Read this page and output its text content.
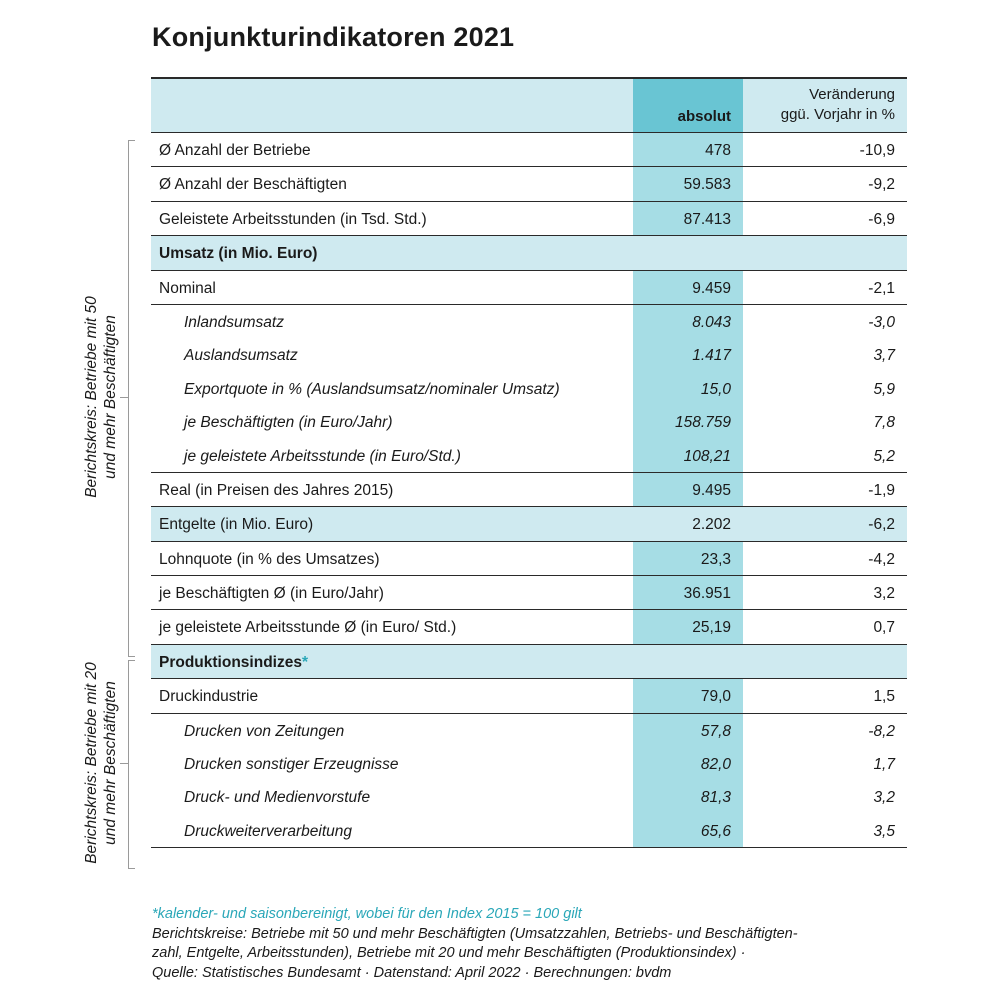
Konjunkturindikatoren 2021
absolut
Veränderung
ggü. Vorjahr in %
Ø Anzahl der Betriebe	478	-10,9
Ø Anzahl der Beschäftigten	59.583	-9,2
Geleistete Arbeitsstunden (in Tsd. Std.)	87.413	-6,9
Umsatz (in Mio. Euro)
Nominal	9.459	-2,1
Inlandsumsatz	8.043	-3,0
Auslandsumsatz	1.417	3,7
Exportquote in % (Auslandsumsatz/nominaler Umsatz)	15,0	5,9
je Beschäftigten (in Euro/Jahr)	158.759	7,8
je geleistete Arbeitsstunde (in Euro/Std.)	108,21	5,2
Real (in Preisen des Jahres 2015)	9.495	-1,9
Entgelte (in Mio. Euro)	2.202	-6,2
Lohnquote (in % des Umsatzes)	23,3	-4,2
je Beschäftigten Ø (in Euro/Jahr)	36.951	3,2
je geleistete Arbeitsstunde Ø (in Euro/ Std.)	25,19	0,7
Produktionsindizes*
Druckindustrie	79,0	1,5
Drucken von Zeitungen	57,8	-8,2
Drucken sonstiger Erzeugnisse	82,0	1,7
Druck- und Medienvorstufe	81,3	3,2
Druckweiterverarbeitung	65,6	3,5
Berichtskreis: Betriebe mit 50 und mehr Beschäftigten
Berichtskreis: Betriebe mit 20 und mehr Beschäftigten
*kalender- und saisonbereinigt, wobei für den Index 2015 = 100 gilt
Berichtskreise: Betriebe mit 50 und mehr Beschäftigten (Umsatzzahlen, Betriebs- und Beschäftigten-
zahl, Entgelte, Arbeitsstunden), Betriebe mit 20 und mehr Beschäftigten (Produktionsindex) ·
Quelle: Statistisches Bundesamt · Datenstand: April 2022 · Berechnungen: bvdm
